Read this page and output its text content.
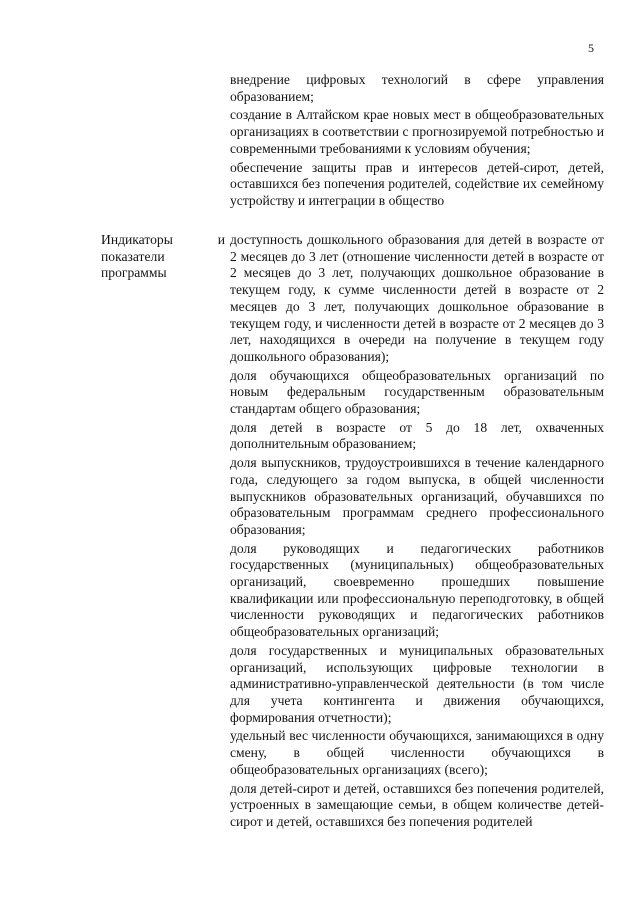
5

внедрение цифровых технологий в сфере управления образованием;

создание в Алтайском крае новых мест в общеобразовательных организациях в соответствии с прогнозируемой потребностью и современными требованиями к условиям обучения;

обеспечение защиты прав и интересов детей-сирот, детей, оставшихся без попечения родителей, содействие их семейному устройству и интеграции в общество

Индикаторы и показатели программы

доступность дошкольного образования для детей в возрасте от 2 месяцев до 3 лет (отношение численности детей в возрасте от 2 месяцев до 3 лет, получающих дошкольное образование в текущем году, к сумме численности детей в возрасте от 2 месяцев до 3 лет, получающих дошкольное образование в текущем году, и численности детей в возрасте от 2 месяцев до 3 лет, находящихся в очереди на получение в текущем году дошкольного образования);

доля обучающихся общеобразовательных организаций по новым федеральным государственным образовательным стандартам общего образования;

доля детей в возрасте от 5 до 18 лет, охваченных дополнительным образованием;

доля выпускников, трудоустроившихся в течение календарного года, следующего за годом выпуска, в общей численности выпускников образовательных организаций, обучавшихся по образовательным программам среднего профессионального образования;

доля руководящих и педагогических работников государственных (муниципальных) общеобразовательных организаций, своевременно прошедших повышение квалификации или профессиональную переподготовку, в общей численности руководящих и педагогических работников общеобразовательных организаций;

доля государственных и муниципальных образовательных организаций, использующих цифровые технологии в административно-управленческой деятельности (в том числе для учета контингента и движения обучающихся, формирования отчетности);

удельный вес численности обучающихся, занимающихся в одну смену, в общей численности обучающихся в общеобразовательных организациях (всего);

доля детей-сирот и детей, оставшихся без попечения родителей, устроенных в замещающие семьи, в общем количестве детей-сирот и детей, оставшихся без попечения родителей
